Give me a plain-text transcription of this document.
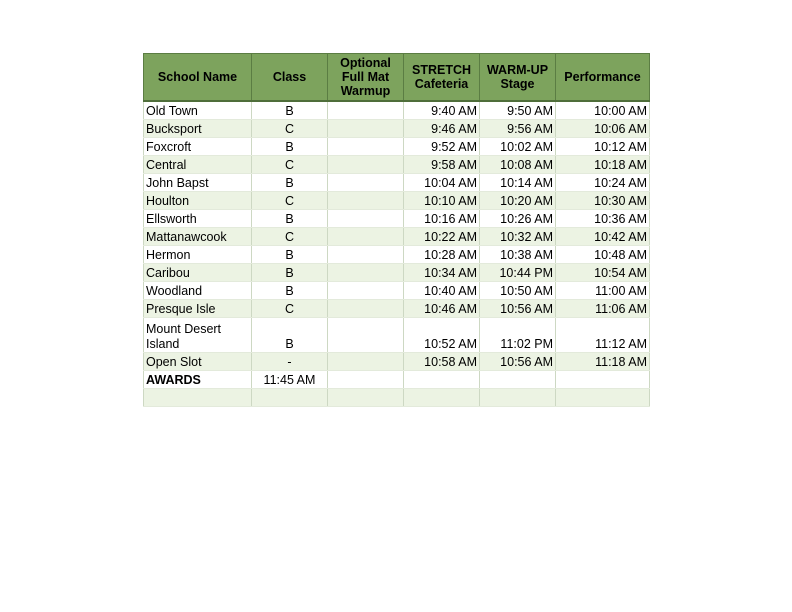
School Name	Class	Optional Full Mat Warmup	STRETCH Cafeteria	WARM-UP Stage	Performance
Old Town	B		9:40 AM	9:50 AM	10:00 AM
Bucksport	C		9:46 AM	9:56 AM	10:06 AM
Foxcroft	B		9:52 AM	10:02 AM	10:12 AM
Central	C		9:58 AM	10:08 AM	10:18 AM
John Bapst	B		10:04 AM	10:14 AM	10:24 AM
Houlton	C		10:10 AM	10:20 AM	10:30 AM
Ellsworth	B		10:16 AM	10:26 AM	10:36 AM
Mattanawcook	C		10:22 AM	10:32 AM	10:42 AM
Hermon	B		10:28 AM	10:38 AM	10:48 AM
Caribou	B		10:34 AM	10:44 PM	10:54 AM
Woodland	B		10:40 AM	10:50 AM	11:00 AM
Presque Isle	C		10:46 AM	10:56 AM	11:06 AM
Mount Desert Island	B		10:52 AM	11:02 PM	11:12 AM
Open Slot	-		10:58 AM	10:56 AM	11:18 AM
AWARDS	11:45 AM				
